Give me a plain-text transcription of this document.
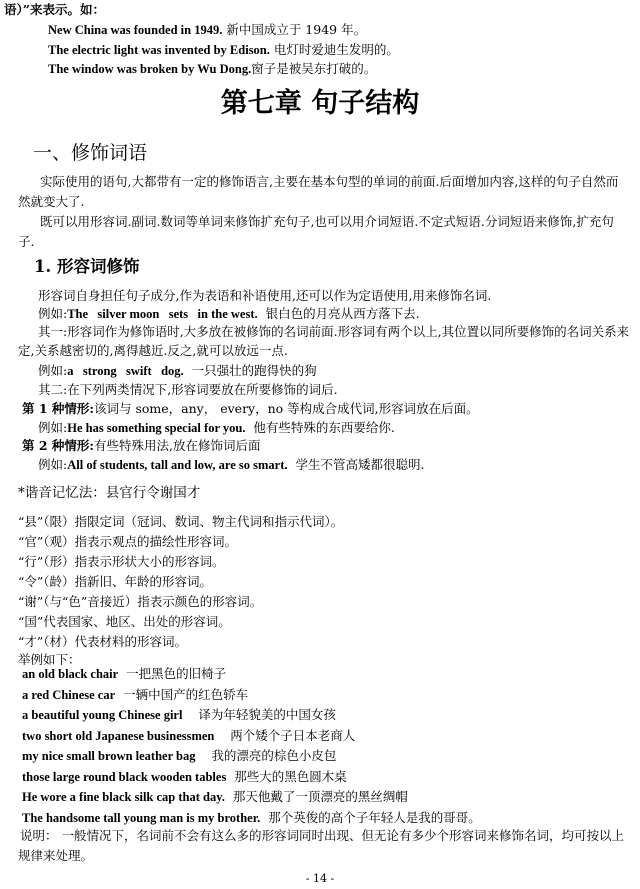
语）”来表示。如：
New China was founded in 1949. 新中国成立于 1949 年。
The electric light was invented by Edison. 电灯时爱迪生发明的。
The window was broken by Wu Dong.窗子是被吴东打破的。
第七章 句子结构
一、修饰词语
实际使用的语句,大都带有一定的修饰语言,主要在基本句型的单词的前面.后面增加内容,这样的句子自然而然就变大了.
既可以用形容词.副词.数词等单词来修饰扩充句子,也可以用介词短语.不定式短语.分词短语来修饰,扩充句子.
1. 形容词修饰
形容词自身担任句子成分,作为表语和补语使用,还可以作为定语使用,用来修饰名词.
例如:The   silver moon   sets   in the west. 银白色的月亮从西方落下去.
其一:形容词作为修饰语时,大多放在被修饰的名词前面.形容词有两个以上,其位置以同所要修饰的名词关系来定,关系越密切的,离得越近.反之,就可以放远一点.
例如:a   strong   swift   dog. 一只强壮的跑得快的狗
其二:在下列两类情况下,形容词要放在所要修饰的词后.
第 1 种情形:该词与 some，any， every，no 等构成合成代词,形容词放在后面。
例如:He has something special for you. 他有些特殊的东西要给你.
第 2 种情形:有些特殊用法,放在修饰词后面
例如:All of students, tall and low, are so smart. 学生不管高矮都很聪明.
*谐音记忆法：县官行令谢国才
“县”（限）指限定词（冠词、数词、物主代词和指示代词）。
“官”（观）指表示观点的描绘性形容词。
“行”（形）指表示形状大小的形容词。
“令”（龄）指新旧、年龄的形容词。
“谢”（与“色”音接近）指表示颜色的形容词。
“国”代表国家、地区、出处的形容词。
“才”（材）代表材料的形容词。
举例如下：
an old black chair 一把黑色的旧椅子
a red Chinese car 一辆中国产的红色轿车
a beautiful young Chinese girl 译为年轻貌美的中国女孩
two short old Japanese businessmen 两个矮个子日本老商人
my nice small brown leather bag 我的漂亮的棕色小皮包
those large round black wooden tables 那些大的黑色圆木桌
He wore a fine black silk cap that day. 那天他戴了一顶漂亮的黑丝绸帽
The handsome tall young man is my brother. 那个英俊的高个子年轻人是我的哥哥。
说明： 一般情况下，名词前不会有这么多的形容词同时出现、但无论有多少个形容词来修饰名词，均可按以上规律来处理。
- 14 -
